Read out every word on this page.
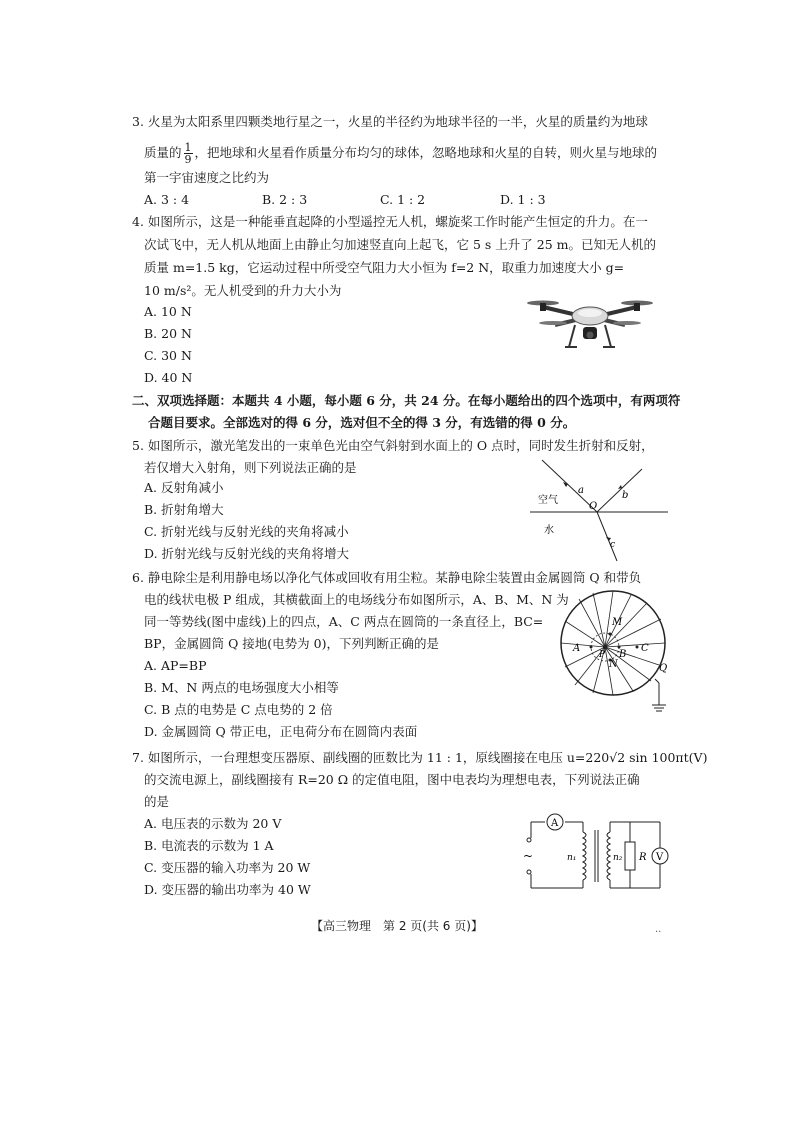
3. 火星为太阳系里四颗类地行星之一，火星的半径约为地球半径的一半，火星的质量约为地球
质量的 $\frac{1}{9}$ ，把地球和火星看作质量分布均匀的球体，忽略地球和火星的自转，则火星与地球的
第一宇宙速度之比约为
A. 3 : 4	B. 2 : 3	C. 1 : 2	D. 1 : 3
4. 如图所示，这是一种能垂直起降的小型遥控无人机，螺旋桨工作时能产生恒定的升力。在一
次试飞中，无人机从地面上由静止匀加速竖直向上起飞，它 5 s 上升了 25 m。已知无人机的
质量 m=1.5 kg，它运动过程中所受空气阻力大小恒为 f=2 N，取重力加速度大小 g=
10 m/s²。无人机受到的升力大小为
A. 10 N
B. 20 N
C. 30 N
D. 40 N
二、双项选择题：本题共 4 小题，每小题 6 分，共 24 分。在每小题给出的四个选项中，有两项符
合题目要求。全部选对的得 6 分，选对但不全的得 3 分，有选错的得 0 分。
5. 如图所示，激光笔发出的一束单色光由空气斜射到水面上的 O 点时，同时发生折射和反射，
若仅增大入射角，则下列说法正确的是
A. 反射角减小
B. 折射角增大
C. 折射光线与反射光线的夹角将减小
D. 折射光线与反射光线的夹角将增大
空气
水
a	b
c
O
6. 静电除尘是利用静电场以净化气体或回收有用尘粒。某静电除尘装置由金属圆筒 Q 和带负
电的线状电极 P 组成，其横截面上的电场线分布如图所示，A、B、M、N 为
同一等势线(图中虚线)上的四点，A、C 两点在圆筒的一条直径上，BC=
BP，金属圆筒 Q 接地(电势为 0)，下列判断正确的是
A. AP=BP
B. M、N 两点的电场强度大小相等
C. B 点的电势是 C 点电势的 2 倍
D. 金属圆筒 Q 带正电，正电荷分布在圆筒内表面
M
N
A
P B
C
Q
7. 如图所示，一台理想变压器原、副线圈的匝数比为 11 : 1，原线圈接在电压 u=220√2 sin 100πt(V)
的交流电源上，副线圈接有 R=20 Ω 的定值电阻，图中电表均为理想电表，下列说法正确
的是
A. 电压表的示数为 20 V
B. 电流表的示数为 1 A
C. 变压器的输入功率为 20 W
D. 变压器的输出功率为 40 W
A
V
~	n₁	n₂ R
【高三物理　第 2 页(共 6 页)】	..
